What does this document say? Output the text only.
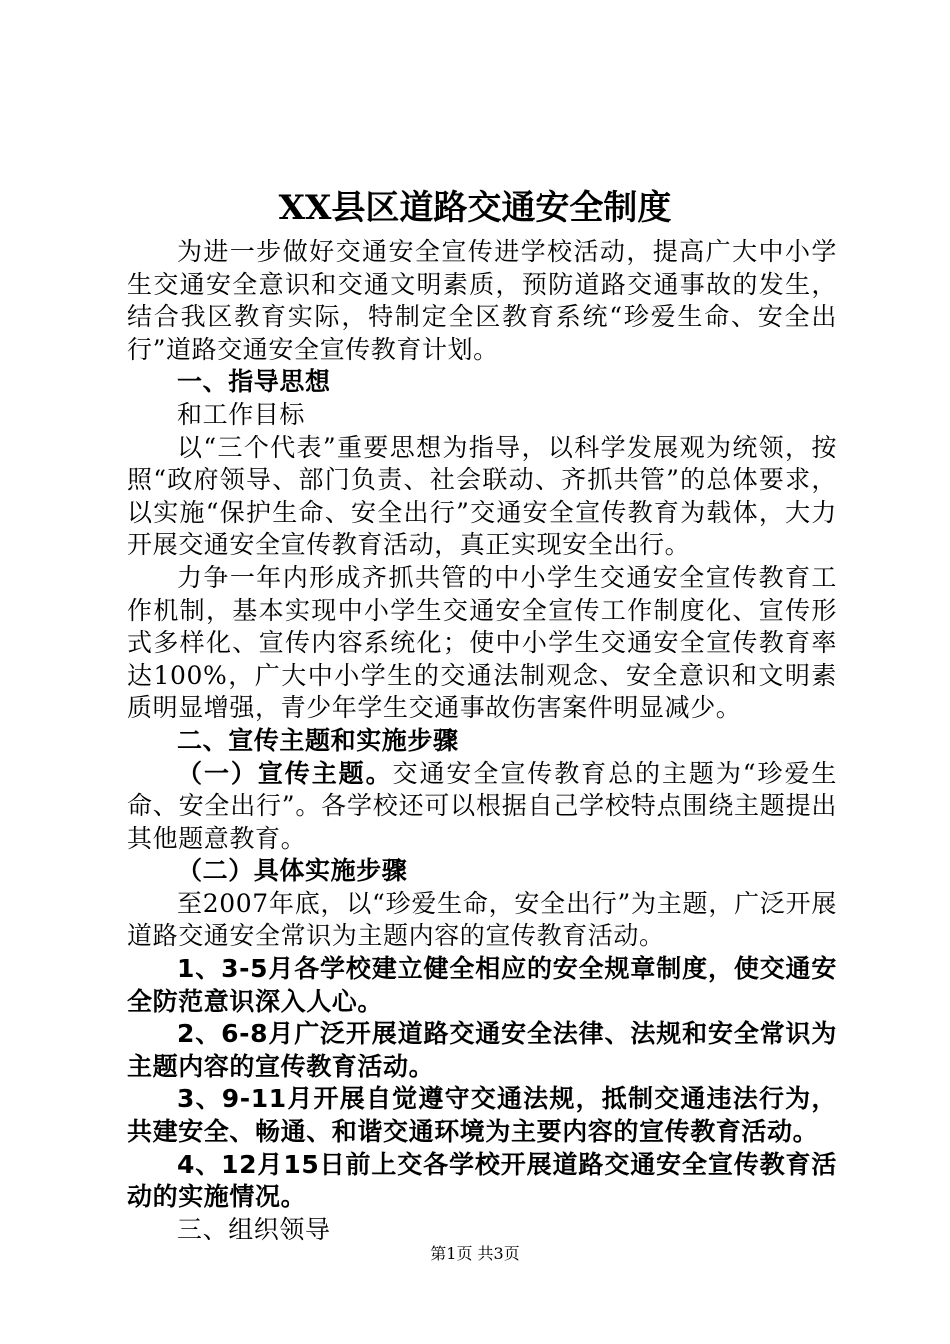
XX县区道路交通安全制度

为进一步做好交通安全宣传进学校活动，提高广大中小学生交通安全意识和交通文明素质，预防道路交通事故的发生，结合我区教育实际，特制定全区教育系统“珍爱生命、安全出行”道路交通安全宣传教育计划。

一、指导思想

和工作目标

以“三个代表”重要思想为指导，以科学发展观为统领，按照“政府领导、部门负责、社会联动、齐抓共管”的总体要求，以实施“保护生命、安全出行”交通安全宣传教育为载体，大力开展交通安全宣传教育活动，真正实现安全出行。

力争一年内形成齐抓共管的中小学生交通安全宣传教育工作机制，基本实现中小学生交通安全宣传工作制度化、宣传形式多样化、宣传内容系统化；使中小学生交通安全宣传教育率达100%，广大中小学生的交通法制观念、安全意识和文明素质明显增强，青少年学生交通事故伤害案件明显减少。

二、宣传主题和实施步骤

（一）宣传主题。交通安全宣传教育总的主题为“珍爱生命、安全出行”。各学校还可以根据自己学校特点围绕主题提出其他题意教育。

（二）具体实施步骤

至2007年底，以“珍爱生命，安全出行”为主题，广泛开展道路交通安全常识为主题内容的宣传教育活动。

1、3-5月各学校建立健全相应的安全规章制度，使交通安全防范意识深入人心。

2、6-8月广泛开展道路交通安全法律、法规和安全常识为主题内容的宣传教育活动。

3、9-11月开展自觉遵守交通法规，抵制交通违法行为，共建安全、畅通、和谐交通环境为主要内容的宣传教育活动。

4、12月15日前上交各学校开展道路交通安全宣传教育活动的实施情况。

三、组织领导

第1页 共3页
